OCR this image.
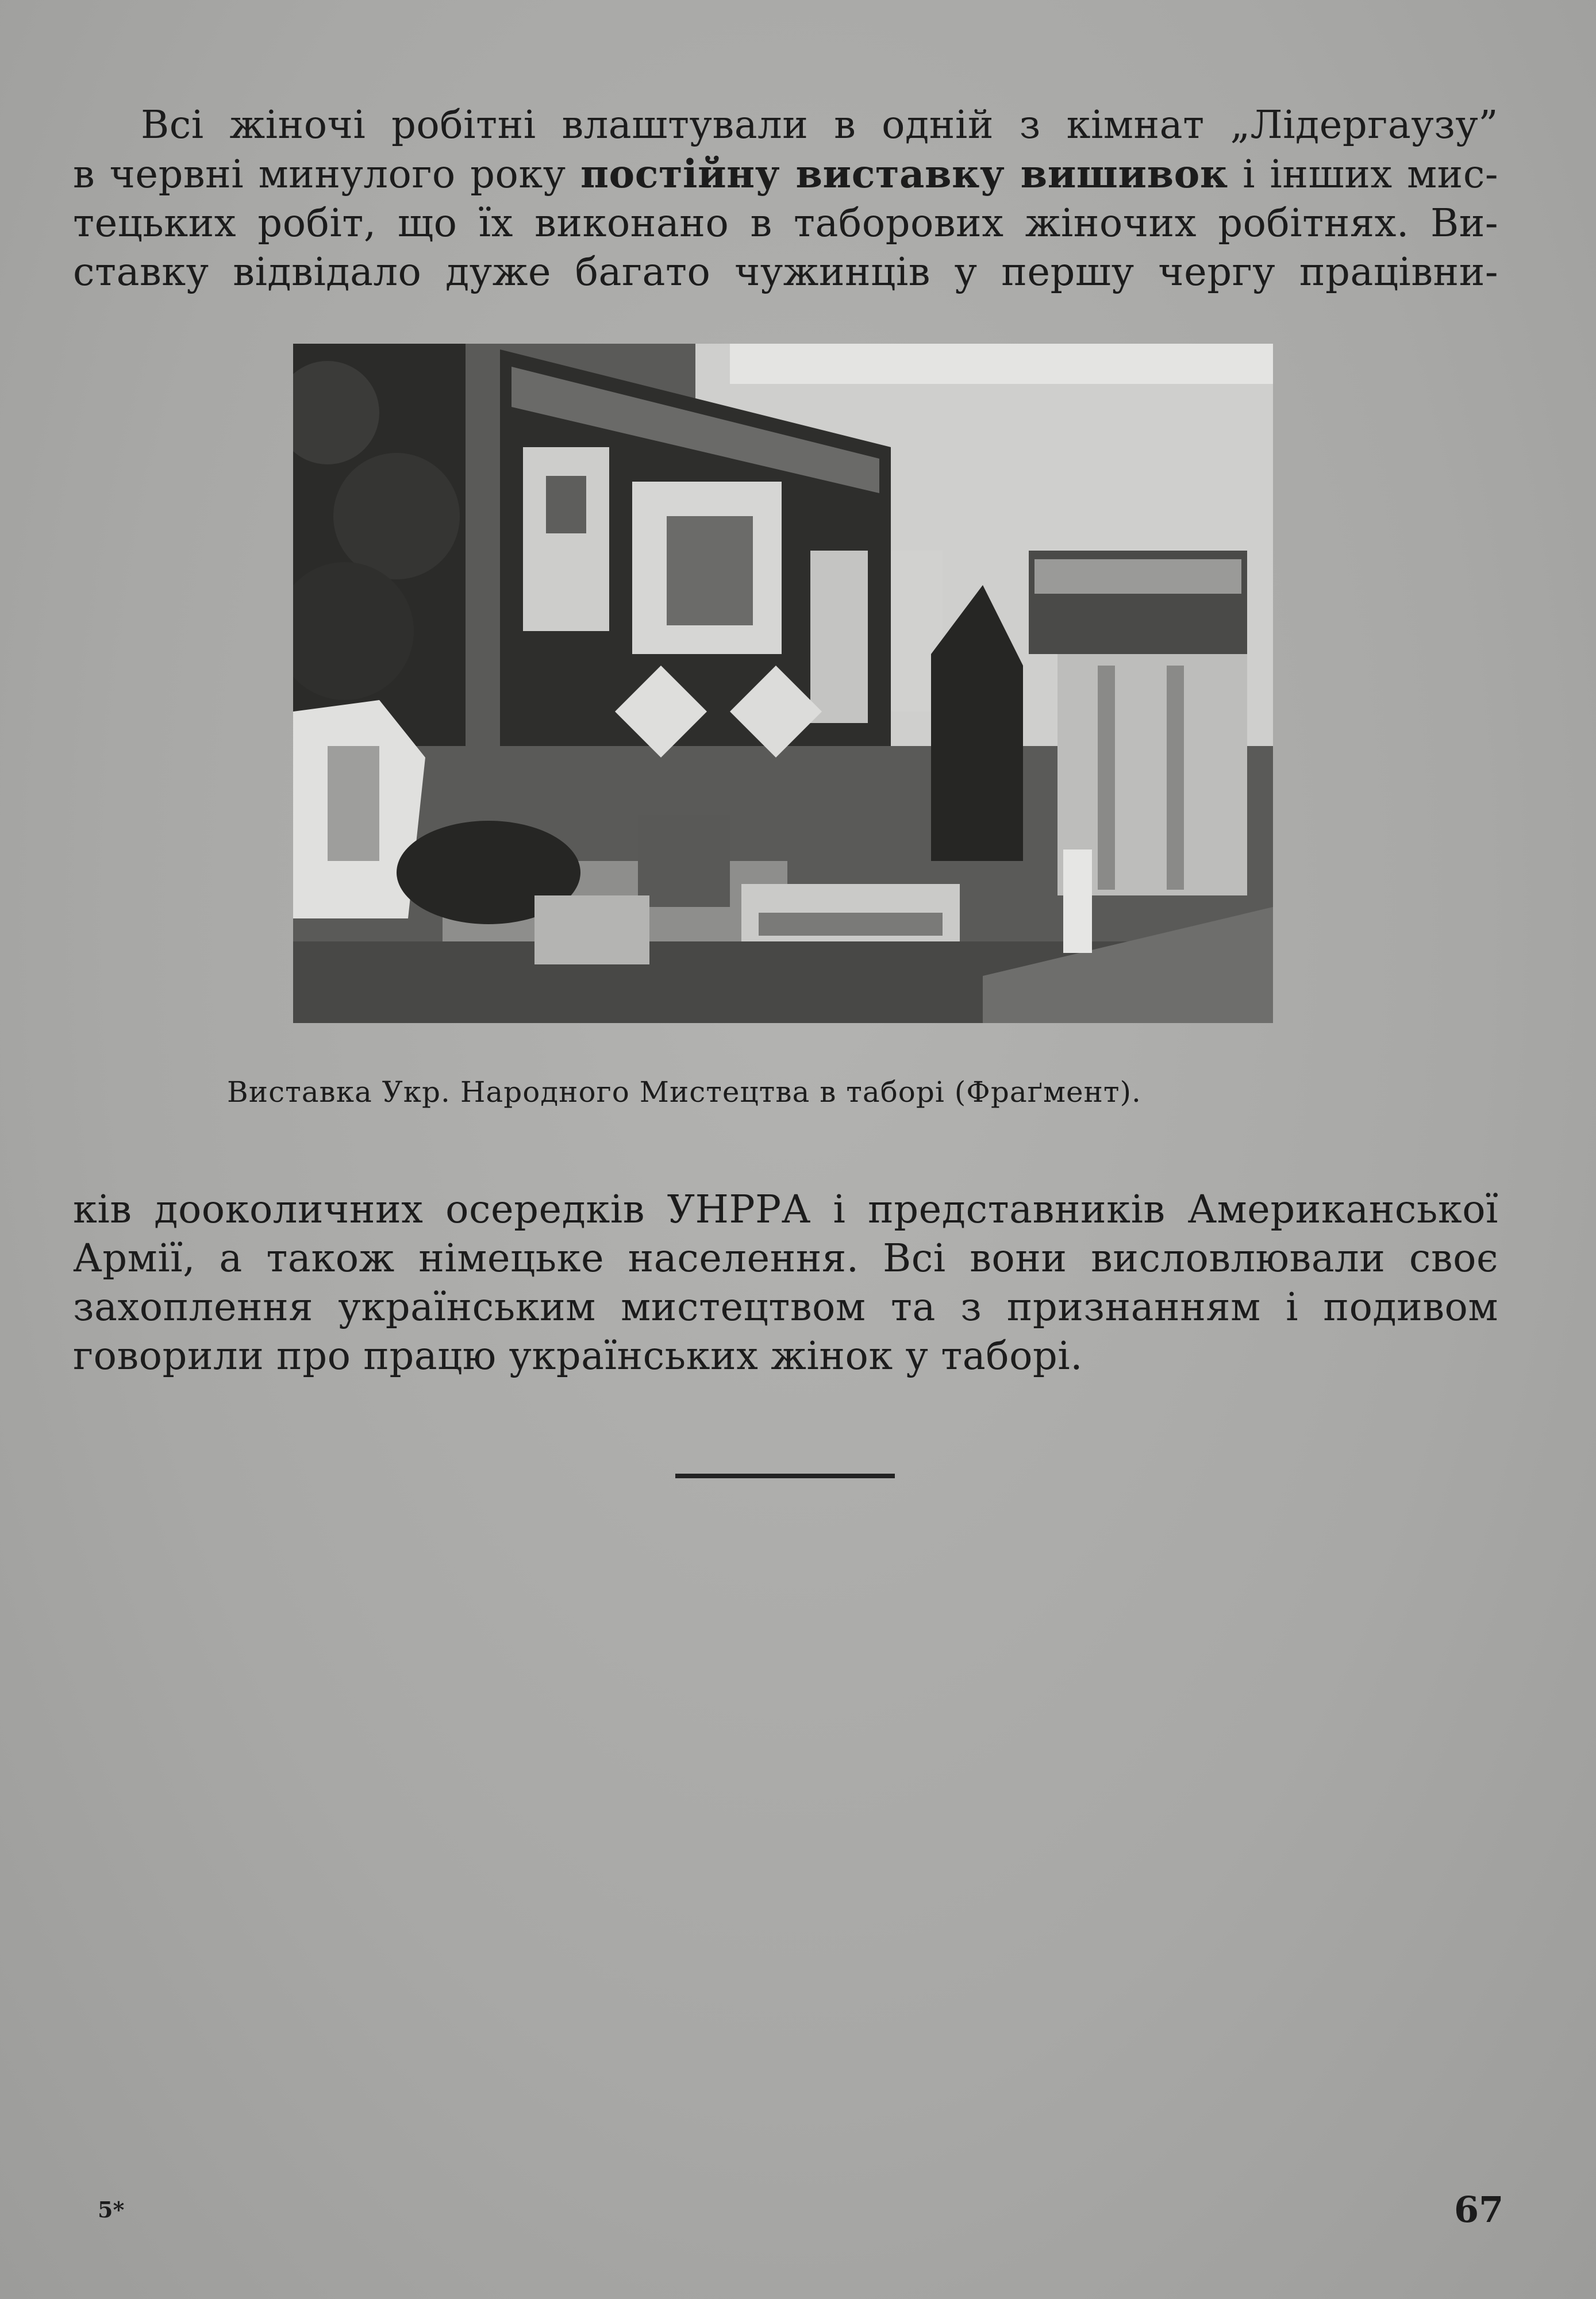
Всі жіночі робітні влаштували в одній з кімнат „Лідергаузу”
в червні минулого року постійну виставку вишивок і інших мис-
тецьких робіт, що їх виконано в таборових жіночих робітнях. Ви-
ставку відвідало дуже багато чужинців у першу чергу працівни-
Виставка Укр. Народного Мистецтва в таборі (Фраґмент).
ків дооколичних осередків УНРРА і представників Американської
Армії, а також німецьке населення. Всі вони висловлювали своє
захоплення українським мистецтвом та з признанням і подивом
говорили про працю українських жінок у таборі.
5*	67
